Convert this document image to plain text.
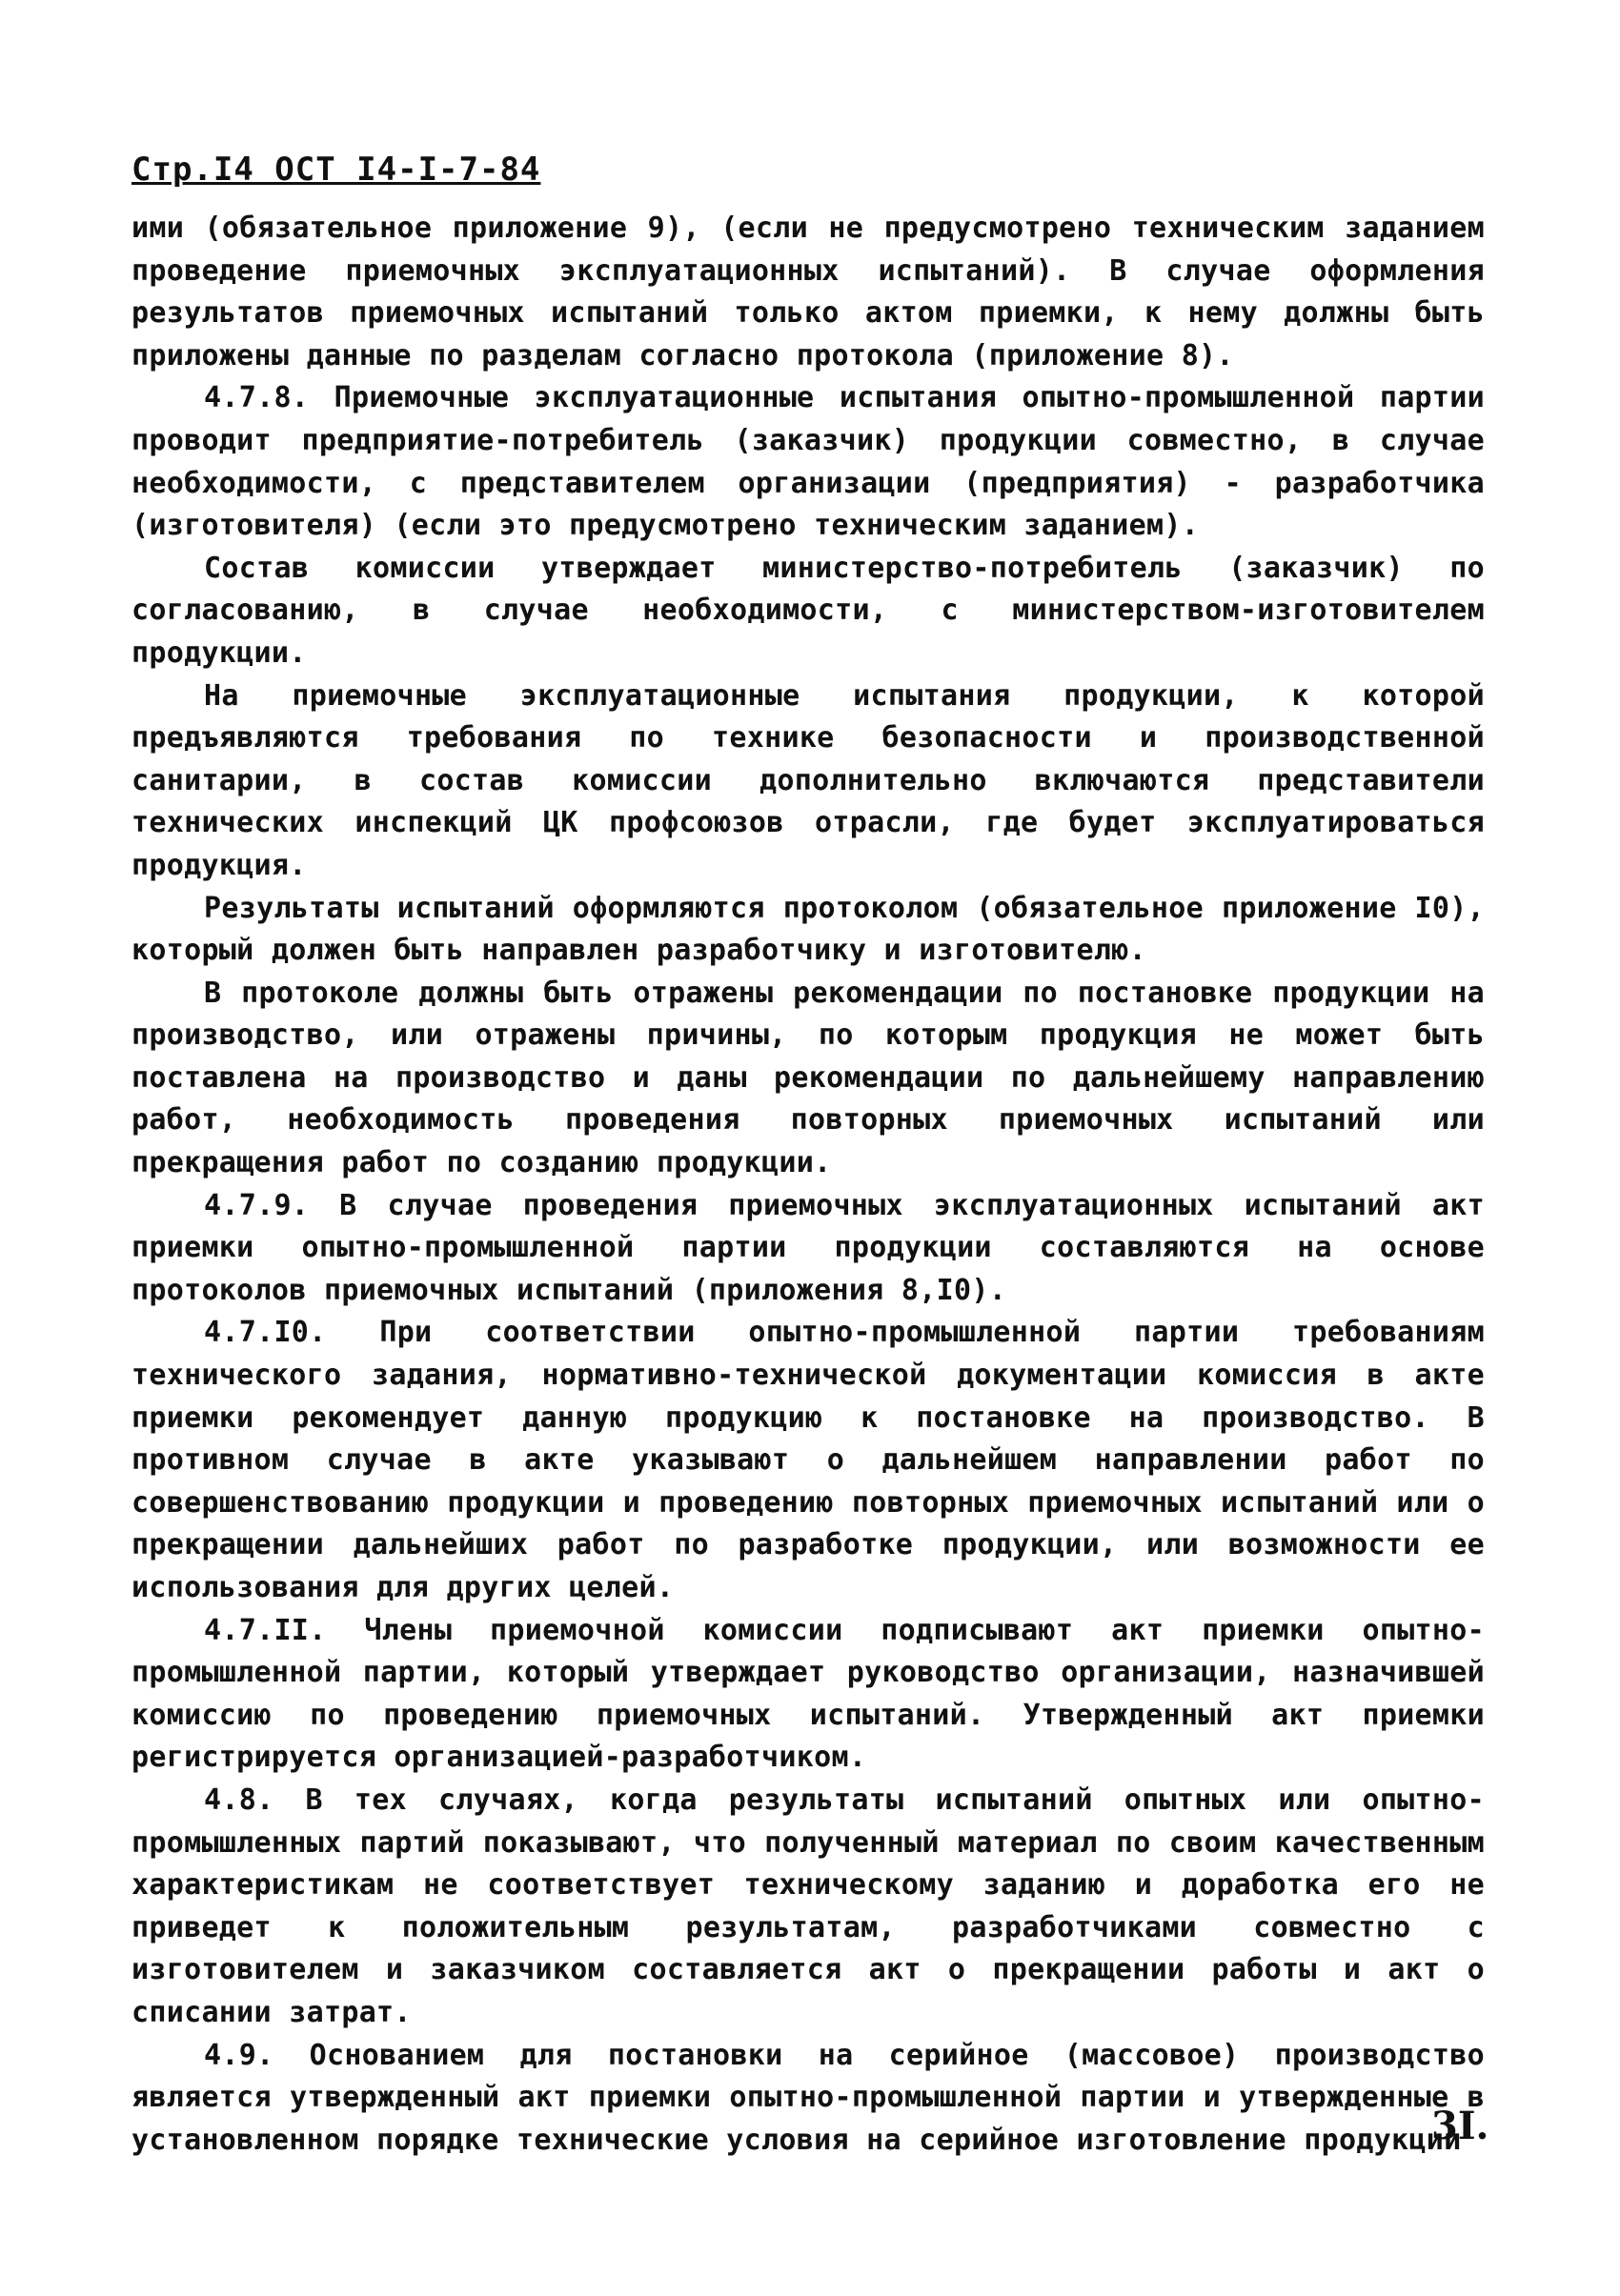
Стр.I4 ОСТ I4-I-7-84

ими (обязательное приложение 9), (если не предусмотрено техническим заданием проведение приемочных эксплуатационных испытаний). В случае оформления результатов приемочных испытаний только актом приемки, к нему должны быть приложены данные по разделам согласно протокола (приложение 8).

4.7.8. Приемочные эксплуатационные испытания опытно-промышленной партии проводит предприятие-потребитель (заказчик) продукции совместно, в случае необходимости, с представителем организации (предприятия) - разработчика (изготовителя) (если это предусмотрено техническим заданием).

Состав комиссии утверждает министерство-потребитель (заказчик) по согласованию, в случае необходимости, с министерством-изготовителем продукции.

На приемочные эксплуатационные испытания продукции, к которой предъявляются требования по технике безопасности и производственной санитарии, в состав комиссии дополнительно включаются представители технических инспекций ЦК профсоюзов отрасли, где будет эксплуатироваться продукция.

Результаты испытаний оформляются протоколом (обязательное приложение I0), который должен быть направлен разработчику и изготовителю.

В протоколе должны быть отражены рекомендации по постановке продукции на производство, или отражены причины, по которым продукция не может быть поставлена на производство и даны рекомендации по дальнейшему направлению работ, необходимость проведения повторных приемочных испытаний или прекращения работ по созданию продукции.

4.7.9. В случае проведения приемочных эксплуатационных испытаний акт приемки опытно-промышленной партии продукции составляются на основе протоколов приемочных испытаний (приложения 8,I0).

4.7.I0. При соответствии опытно-промышленной партии требованиям технического задания, нормативно-технической документации комиссия в акте приемки рекомендует данную продукцию к постановке на производство. В противном случае в акте указывают о дальнейшем направлении работ по совершенствованию продукции и проведению повторных приемочных испытаний или о прекращении дальнейших работ по разработке продукции, или возможности ее использования для других целей.

4.7.II. Члены приемочной комиссии подписывают акт приемки опытно-промышленной партии, который утверждает руководство организации, назначившей комиссию по проведению приемочных испытаний. Утвержденный акт приемки регистрируется организацией-разработчиком.

4.8. В тех случаях, когда результаты испытаний опытных или опытно-промышленных партий показывают, что полученный материал по своим качественным характеристикам не соответствует техническому заданию и доработка его не приведет к положительным результатам, разработчиками совместно с изготовителем и заказчиком составляется акт о прекращении работы и акт о списании затрат.

4.9. Основанием для постановки на серийное (массовое) производство является утвержденный акт приемки опытно-промышленной партии и утвержденные в установленном порядке технические условия на серийное изготовление продукции

3I.
